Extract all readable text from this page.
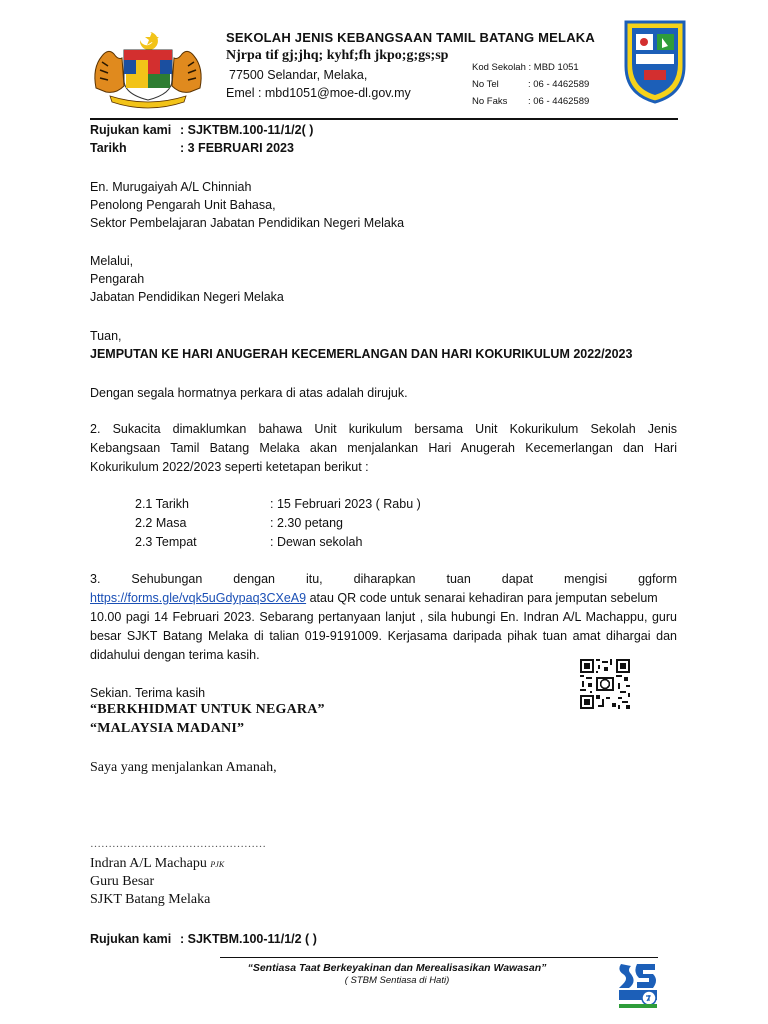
SEKOLAH JENIS KEBANGSAAN TAMIL BATANG MELAKA
Njrpa tif gj;jhq; kyhf;fh jkpo;g;gs;sp
77500 Selandar, Melaka,
Emel : mbd1051@moe-dl.gov.my
Kod Sekolah : MBD 1051
No Tel	: 06 - 4462589
No Faks : 06 - 4462589
Rujukan kami : SJKTBM.100-11/1/2( )
Tarikh	: 3 FEBRUARI 2023
En. Murugaiyah A/L Chinniah
Penolong Pengarah Unit Bahasa,
Sektor Pembelajaran Jabatan Pendidikan Negeri Melaka
Melalui,
Pengarah
Jabatan Pendidikan Negeri Melaka
Tuan,
JEMPUTAN KE HARI ANUGERAH KECEMERLANGAN DAN HARI KOKURIKULUM 2022/2023
Dengan segala hormatnya perkara di atas adalah dirujuk.
2. Sukacita dimaklumkan bahawa Unit kurikulum bersama Unit Kokurikulum Sekolah Jenis
Kebangsaan Tamil Batang Melaka akan menjalankan Hari Anugerah Kecemerlangan dan Hari
Kokurikulum 2022/2023 seperti ketetapan berikut :
2.1 Tarikh	: 15 Februari 2023 ( Rabu )
2.2 Masa	: 2.30 petang
2.3 Tempat	: Dewan sekolah
3. Sehubungan dengan itu, diharapkan tuan dapat mengisi ggform
https://forms.gle/vqk5uGdypaq3CXeA9 atau QR code untuk senarai kehadiran para jemputan sebelum
10.00 pagi 14 Februari 2023. Sebarang pertanyaan lanjut , sila hubungi En. Indran A/L Machappu, guru
besar SJKT Batang Melaka di talian 019-9191009. Kerjasama daripada pihak tuan amat dihargai dan
didahului dengan terima kasih.
Sekian. Terima kasih
“BERKHIDMAT UNTUK NEGARA”
“MALAYSIA MADANI”
Saya yang menjalankan Amanah,
…………………………………………
Indran A/L Machapu PJK
Guru Besar
SJKT Batang Melaka
Rujukan kami : SJKTBM.100-11/1/2 ( )
“Sentiasa Taat Berkeyakinan dan Merealisasikan Wawasan”
( STBM Sentiasa di Hati)
